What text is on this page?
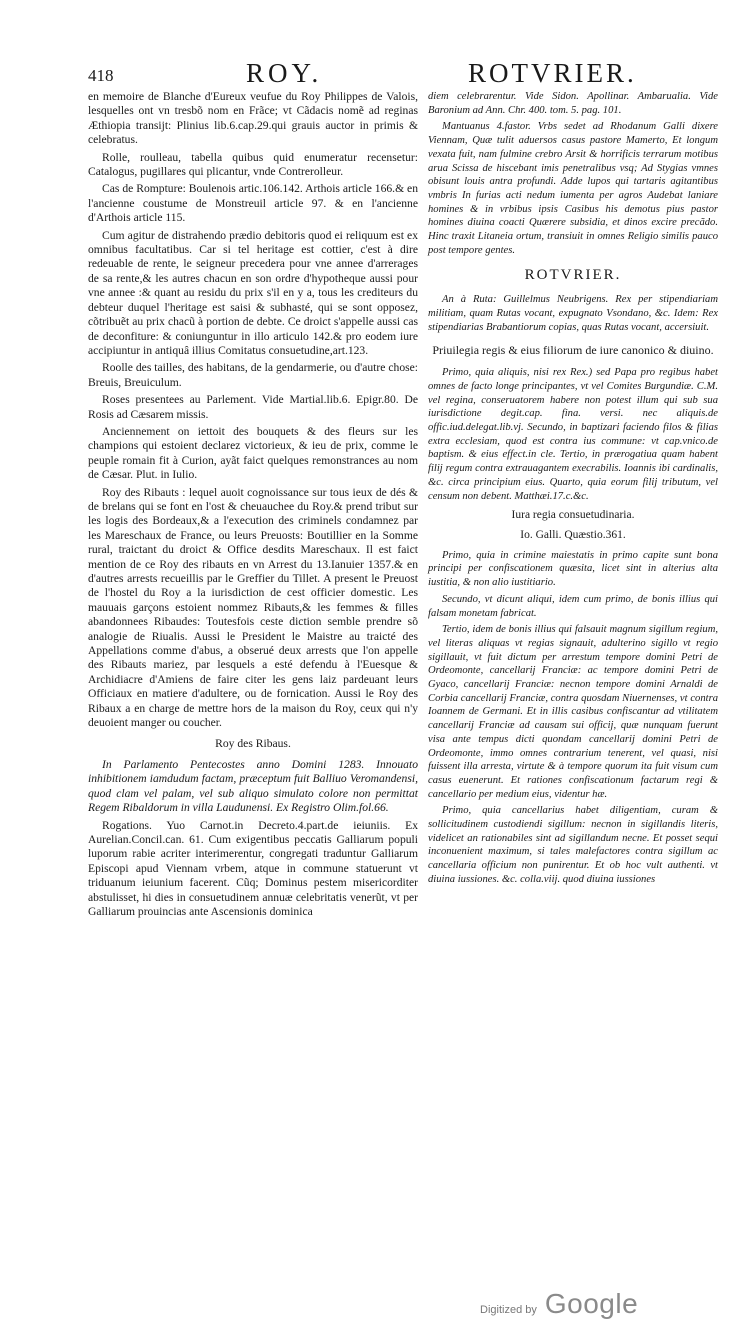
418	ROY.	ROTVRIER.

en memoire de Blanche d'Eureux veufue du Roy Philippes de Valois, lesquelles ont vn tresbõ nom en Frãce; vt Cãdacis nomẽ ad reginas Æthiopia transijt: Plinius lib.6.cap.29.qui grauis auctor in primis & celebratus.

Rolle, roulleau, tabella quibus quid enumeratur recensetur: Catalogus, pugillares qui plicantur, vnde Contrerolleur.

Cas de Rompture: Boulenois artic.106.142. Arthois article 166.& en l'ancienne coustume de Monstreuil article 97. & en l'ancienne d'Arthois article 115.

Cum agitur de distrahendo prædio debitoris quod ei reliquum est ex omnibus facultatibus. Car si tel heritage est cottier, c'est à dire redeuable de rente, le seigneur precedera pour vne annee d'arrerages de sa rente,& les autres chacun en son ordre d'hypotheque aussi pour vne annee :& quant au residu du prix s'il en y a, tous les crediteurs du debteur duquel l'heritage est saisi & subhasté, qui se sont opposez, cõtribuẽt au prix chacũ à portion de debte. Ce droict s'appelle aussi cas de deconfiture: & coniunguntur in illo articulo 142.& pro eodem iure accipiuntur in antiquâ illius Comitatus consuetudine,art.123.

Roolle des tailles, des habitans, de la gendarmerie, ou d'autre chose: Breuis, Breuiculum.

Roses presentees au Parlement. Vide Martial.lib.6. Epigr.80. De Rosis ad Cæsarem missis.

Anciennement on iettoit des bouquets & des fleurs sur les champions qui estoient declarez victorieux, & ieu de prix, comme le peuple romain fit à Curion, ayãt faict quelques remonstrances au nom de Cæsar. Plut. in Iulio.

Roy des Ribauts : lequel auoit cognoissance sur tous ieux de dés & de brelans qui se font en l'ost & cheuauchee du Roy.& prend tribut sur les logis des Bordeaux,& a l'execution des criminels condamnez par les Mareschaux de France, ou leurs Preuosts: Boutillier en la Somme rural, traictant du droict & Office desdits Mareschaux. Il est faict mention de ce Roy des ribauts en vn Arrest du 13.Ianuier 1357.& en d'autres arrests recueillis par le Greffier du Tillet. A present le Preuost de l'hostel du Roy a la iurisdiction de cest officier domestic. Les mauuais garçons estoient nommez Ribauts,& les femmes & filles abandonnees Ribaudes: Toutesfois ceste diction semble prendre sõ analogie de Riualis. Aussi le President le Maistre au traicté des Appellations comme d'abus, a obserué deux arrests que l'on appelle des Ribauts mariez, par lesquels a esté defendu à l'Euesque & Archidiacre d'Amiens de faire citer les gens laiz pardeuant leurs Officiaux en matiere d'adultere, ou de fornication. Aussi le Roy des Ribaux a en charge de mettre hors de la maison du Roy, ceux qui n'y deuoient manger ou coucher.

Roy des Ribaus.

In Parlamento Pentecostes anno Domini 1283. Innouato inhibitionem iamdudum factam, præceptum fuit Balliuo Veromandensi, quod clam vel palam, vel sub aliquo simulato colore non permittat Regem Ribaldorum in villa Laudunensi. Ex Registro Olim.fol.66.

Rogations. Yuo Carnot.in Decreto.4.part.de ieiuniis. Ex Aurelian.Concil.can. 61. Cum exigentibus peccatis Galliarum populi luporum rabie acriter interimerentur, congregati traduntur Galliarum Episcopi apud Viennam vrbem, atque in commune statuerunt vt triduanum ieiunium facerent. Cũq; Dominus pestem misericorditer abstulisset, hi dies in consuetudinem annuæ celebritatis venerũt, vt per Galliarum prouincias ante Ascensionis dominica

diem celebrarentur. Vide Sidon. Apollinar. Ambarualia. Vide Baronium ad Ann. Chr. 400. tom. 5. pag. 101.

Mantuanus 4.fastor. Vrbs sedet ad Rhodanum Galli dixere Viennam, Quæ tulit aduersos casus pastore Mamerto, Et longum vexata fuit, nam fulmine crebro Arsit & horrificis terrarum motibus arua Scissa de hiscebant imis penetralibus vsq; Ad Stygias vmnes obisunt louis antra profundi. Adde lupos qui tartaris agitantibus vmbris In furias acti nedum iumenta per agros Audebat laniare homines & in vrbibus ipsis Casibus his demotus pius pastor homines diuina coacti Quærere subsidia, et dinos excire precãdo. Hinc traxit Litaneia ortum, transiuit in omnes Religio similis pauco post tempore gentes.

ROTVRIER.

An à Ruta: Guillelmus Neubrigens. Rex per stipendiariam militiam, quam Rutas vocant, expugnato Vsondano, &c. Idem: Rex stipendiarias Brabantiorum copias, quas Rutas vocant, accersiuit.

Priuilegia regis & eius filiorum de iure canonico & diuino.

Primo, quia aliquis, nisi rex Rex.) sed Papa pro regibus habet omnes de facto longe principantes, vt vel Comites Burgundiæ. C.M. vel regina, conseruatorem habere non potest illum qui sub sua iurisdictione degit.cap. fina. versi. nec aliquis.de offic.iud.delegat.lib.vj. Secundo, in baptizari faciendo filos & filias extra ecclesiam, quod est contra ius commune: vt cap.vnico.de baptism. & eius effect.in cle. Tertio, in prærogatiua quam habent filij regum contra extrauagantem execrabilis. Ioannis ibi cardinalis, &c. circa principium eius. Quarto, quia eorum filij tributum, vel censum non debent. Matthæi.17.c.&c.

Iura regia consuetudinaria.

Io. Galli. Quæstio.361.

Primo, quia in crimine maiestatis in primo capite sunt bona principi per confiscationem quæsita, licet sint in alterius alta iustitia, & non alio iustitiario.

Secundo, vt dicunt aliqui, idem cum primo, de bonis illius qui falsam monetam fabricat.

Tertio, idem de bonis illius qui falsauit magnum sigillum regium, vel literas aliquas vt regias signauit, adulterino sigillo vt regio sigillauit, vt fuit dictum per arrestum tempore domini Petri de Ordeomonte, cancellarij Franciæ: ac tempore domini Petri de Gyaco, cancellarij Franciæ: necnon tempore domini Arnaldi de Corbia cancellarij Franciæ, contra quosdam Niuernenses, vt contra Ioannem de Germani. Et in illis casibus confiscantur ad vtilitatem cancellarij Franciæ ad causam sui officij, quæ nunquam fuerunt visa ante tempus dicti quondam cancellarij domini Petri de Ordeomonte, immo omnes contrarium tenerent, vel quasi, nisi fuissent illa arresta, virtute & à tempore quorum ita fuit visum cum casus euenerunt. Et rationes confiscationum factarum regi & cancellario per medium eius, videntur hæ.

Primo, quia cancellarius habet diligentiam, curam & sollicitudinem custodiendi sigillum: necnon in sigillandis literis, videlicet an rationabiles sint ad sigillandum necne. Et posset sequi inconuenient maximum, si tales malefactores contra sigillum ac cancellaria officium non punirentur. Et ob hoc vult authenti. vt diuina iussiones. &c. colla.viij. quod diuina iussiones

Digitized by Google
